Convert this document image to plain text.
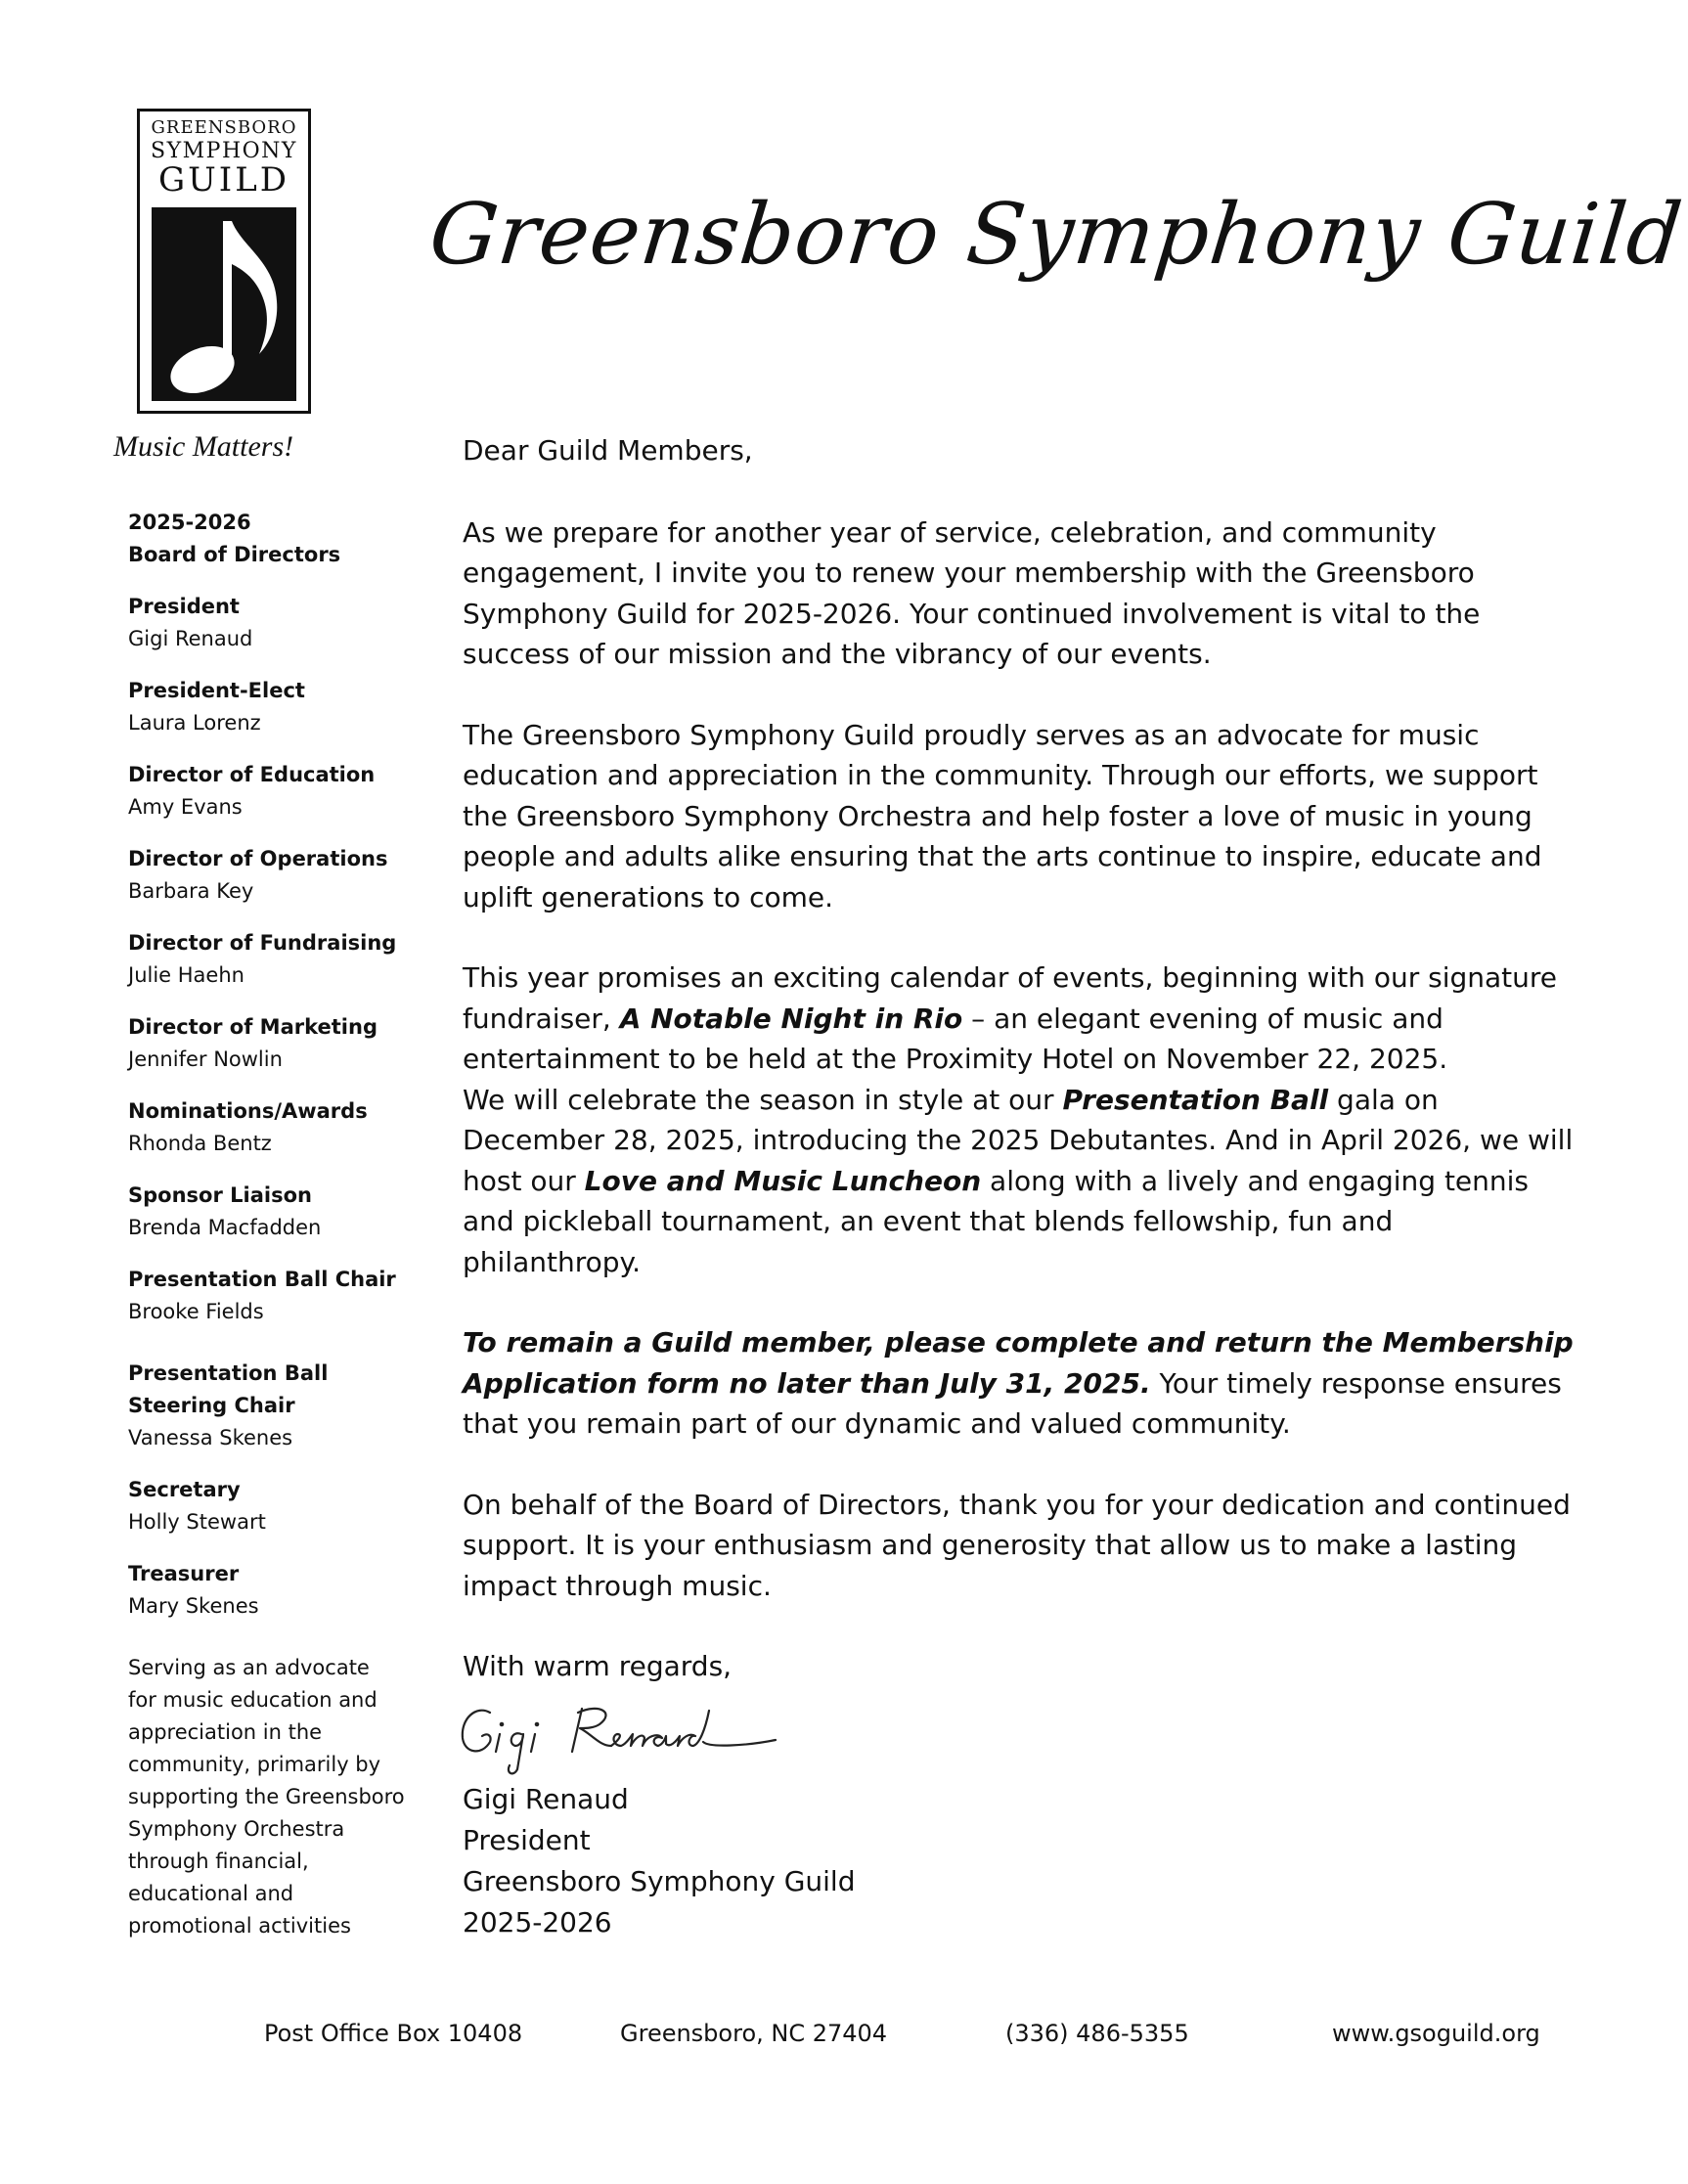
GREENSBORO
SYMPHONY
GUILD
Music Matters!
Greensboro Symphony Guild
2025-2026
Board of Directors
President
Gigi Renaud
President-Elect
Laura Lorenz
Director of Education
Amy Evans
Director of Operations
Barbara Key
Director of Fundraising
Julie Haehn
Director of Marketing
Jennifer Nowlin
Nominations/Awards
Rhonda Bentz
Sponsor Liaison
Brenda Macfadden
Presentation Ball Chair
Brooke Fields
Presentation Ball
Steering Chair
Vanessa Skenes
Secretary
Holly Stewart
Treasurer
Mary Skenes
Serving as an advocate
for music education and
appreciation in the
community, primarily by
supporting the Greensboro
Symphony Orchestra
through financial,
educational and
promotional activities

Dear Guild Members,

As we prepare for another year of service, celebration, and community engagement, I invite you to renew your membership with the Greensboro Symphony Guild for 2025-2026. Your continued involvement is vital to the success of our mission and the vibrancy of our events.

The Greensboro Symphony Guild proudly serves as an advocate for music education and appreciation in the community. Through our efforts, we support the Greensboro Symphony Orchestra and help foster a love of music in young people and adults alike ensuring that the arts continue to inspire, educate and uplift generations to come.

This year promises an exciting calendar of events, beginning with our signature fundraiser, A Notable Night in Rio – an elegant evening of music and entertainment to be held at the Proximity Hotel on November 22, 2025.
We will celebrate the season in style at our Presentation Ball gala on December 28, 2025, introducing the 2025 Debutantes. And in April 2026, we will host our Love and Music Luncheon along with a lively and engaging tennis and pickleball tournament, an event that blends fellowship, fun and philanthropy.

To remain a Guild member, please complete and return the Membership Application form no later than July 31, 2025. Your timely response ensures that you remain part of our dynamic and valued community.

On behalf of the Board of Directors, thank you for your dedication and continued support. It is your enthusiasm and generosity that allow us to make a lasting impact through music.

With warm regards,

Gigi Renaud
President
Greensboro Symphony Guild
2025-2026
Post Office Box 10408	Greensboro, NC 27404	(336) 486-5355	www.gsoguild.org
